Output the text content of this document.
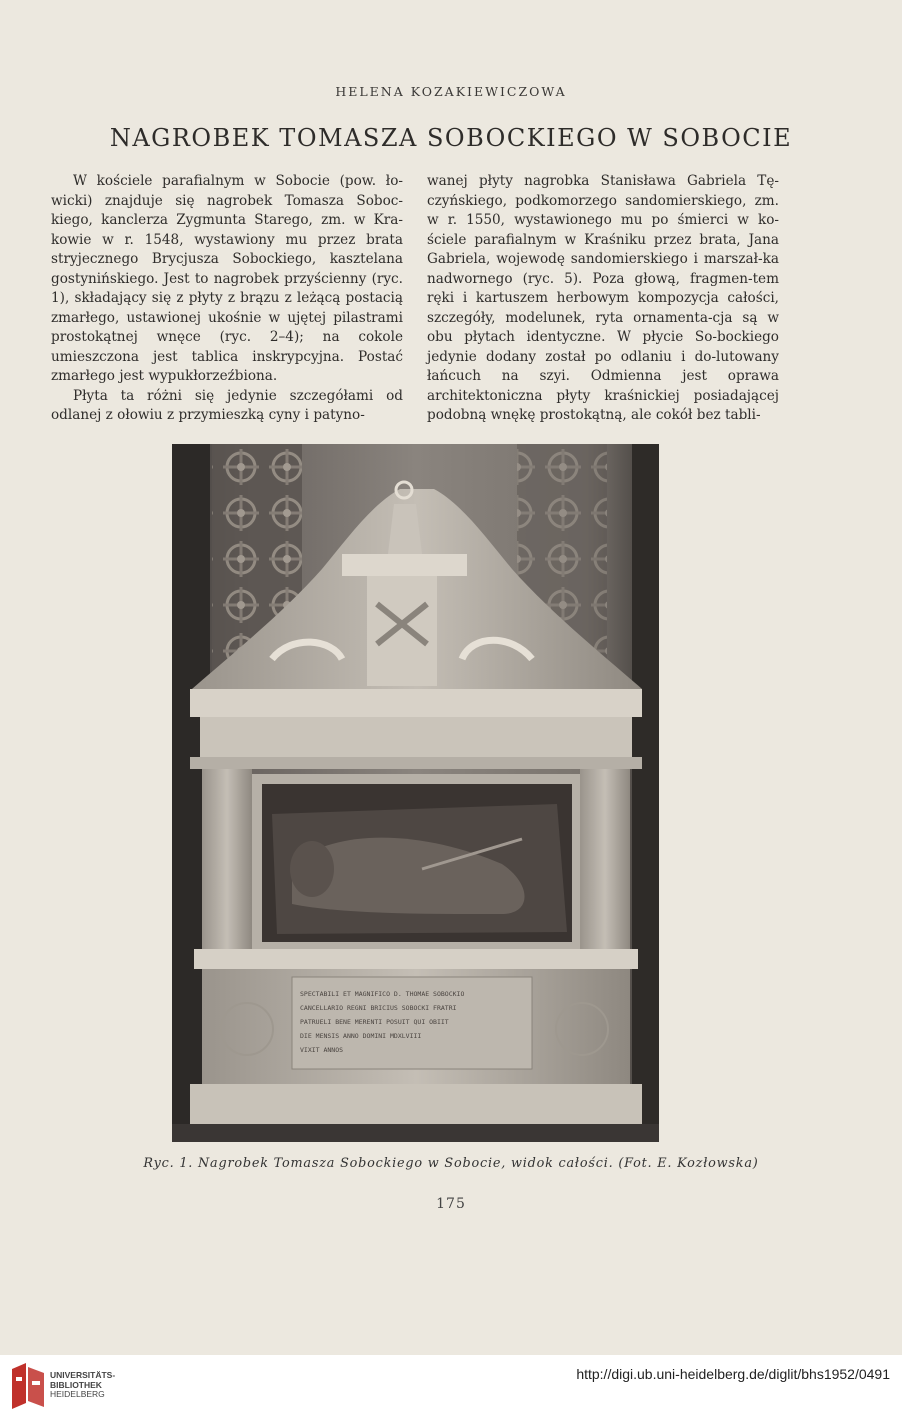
HELENA KOZAKIEWICZOWA
NAGROBEK TOMASZA SOBOCKIEGO W SOBOCIE

W kościele parafialnym w Sobocie (pow. ło-wicki) znajduje się nagrobek Tomasza Soboc-kiego, kanclerza Zygmunta Starego, zm. w Kra-kowie w r. 1548, wystawiony mu przez brata stryjecznego Brycjusza Sobockiego, kasztelana gostynińskiego. Jest to nagrobek przyścienny (ryc. 1), składający się z płyty z brązu z leżącą postacią zmarłego, ustawionej ukośnie w ujętej pilastrami prostokątnej wnęce (ryc. 2–4); na cokole umieszczona jest tablica inskrypcyjna. Postać zmarłego jest wypukłorzeźbiona.

Płyta ta różni się jedynie szczegółami od odlanej z ołowiu z przymieszką cyny i patyno-

wanej płyty nagrobka Stanisława Gabriela Tę-czyńskiego, podkomorzego sandomierskiego, zm. w r. 1550, wystawionego mu po śmierci w ko-ściele parafialnym w Kraśniku przez brata, Jana Gabriela, wojewodę sandomierskiego i marszał-ka nadwornego (ryc. 5). Poza głową, fragmen-tem ręki i kartuszem herbowym kompozycja całości, szczegóły, modelunek, ryta ornamenta-cja są w obu płytach identyczne. W płycie So-bockiego jedynie dodany został po odlaniu i do-lutowany łańcuch na szyi. Odmienna jest oprawa architektoniczna płyty kraśnickiej posiadającej podobną wnękę prostokątną, ale cokół bez tabli-

SPECTABILI ET MAGNIFICO D. THOMAE SOBOCKIO CANCELLARIO REGNI BRICIUS SOBOCKI FRATRI PATRUELI BENE MERENTI POSUIT QUI OBIIT DIE MENSIS ANNO DOMINI MDXLVIII VIXIT ANNOS
Ryc. 1. Nagrobek Tomasza Sobockiego w Sobocie, widok całości. (Fot. E. Kozłowska)
175
UNIVERSITÄTS-
BIBLIOTHEK
HEIDELBERG
http://digi.ub.uni-heidelberg.de/diglit/bhs1952/0491
